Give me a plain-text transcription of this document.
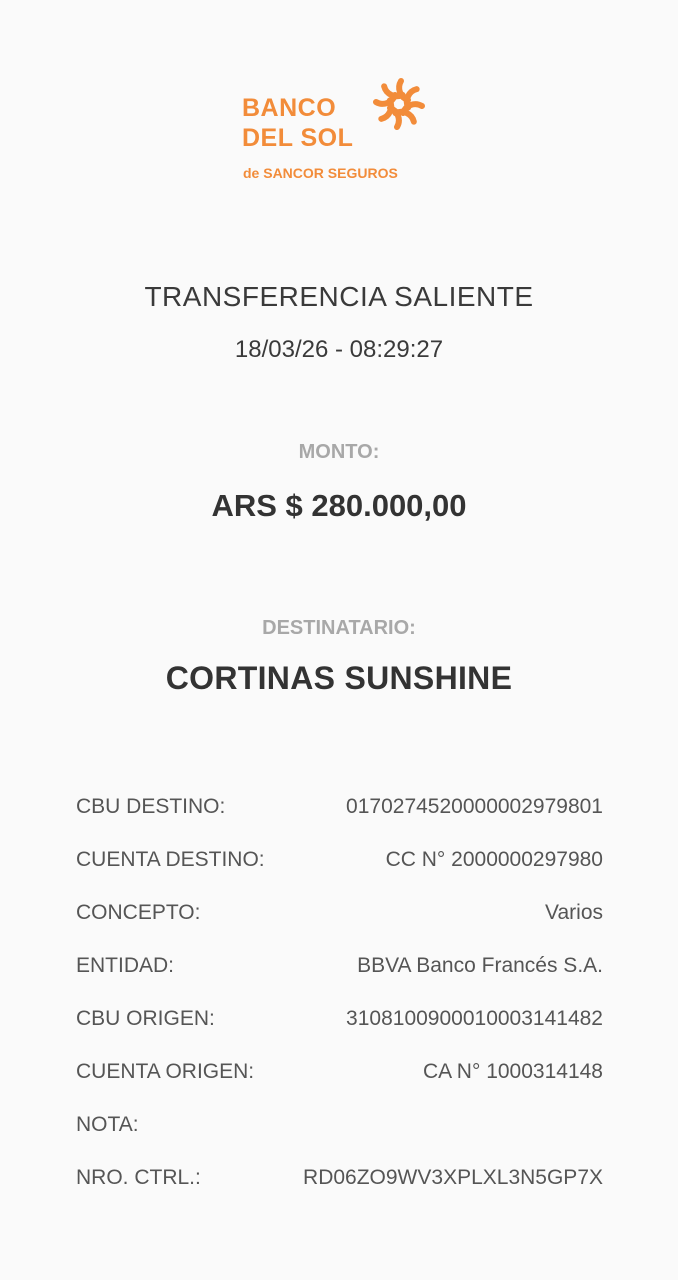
BANCO
DEL SOL
de SANCOR SEGUROS
TRANSFERENCIA SALIENTE
18/03/26 - 08:29:27
MONTO:
ARS $ 280.000,00
DESTINATARIO:
CORTINAS SUNSHINE
CBU DESTINO:	0170274520000002979801
CUENTA DESTINO:	CC N° 2000000297980
CONCEPTO:	Varios
ENTIDAD:	BBVA Banco Francés S.A.
CBU ORIGEN:	3108100900010003141482
CUENTA ORIGEN:	CA N° 1000314148
NOTA:
NRO. CTRL.:	RD06ZO9WV3XPLXL3N5GP7X
